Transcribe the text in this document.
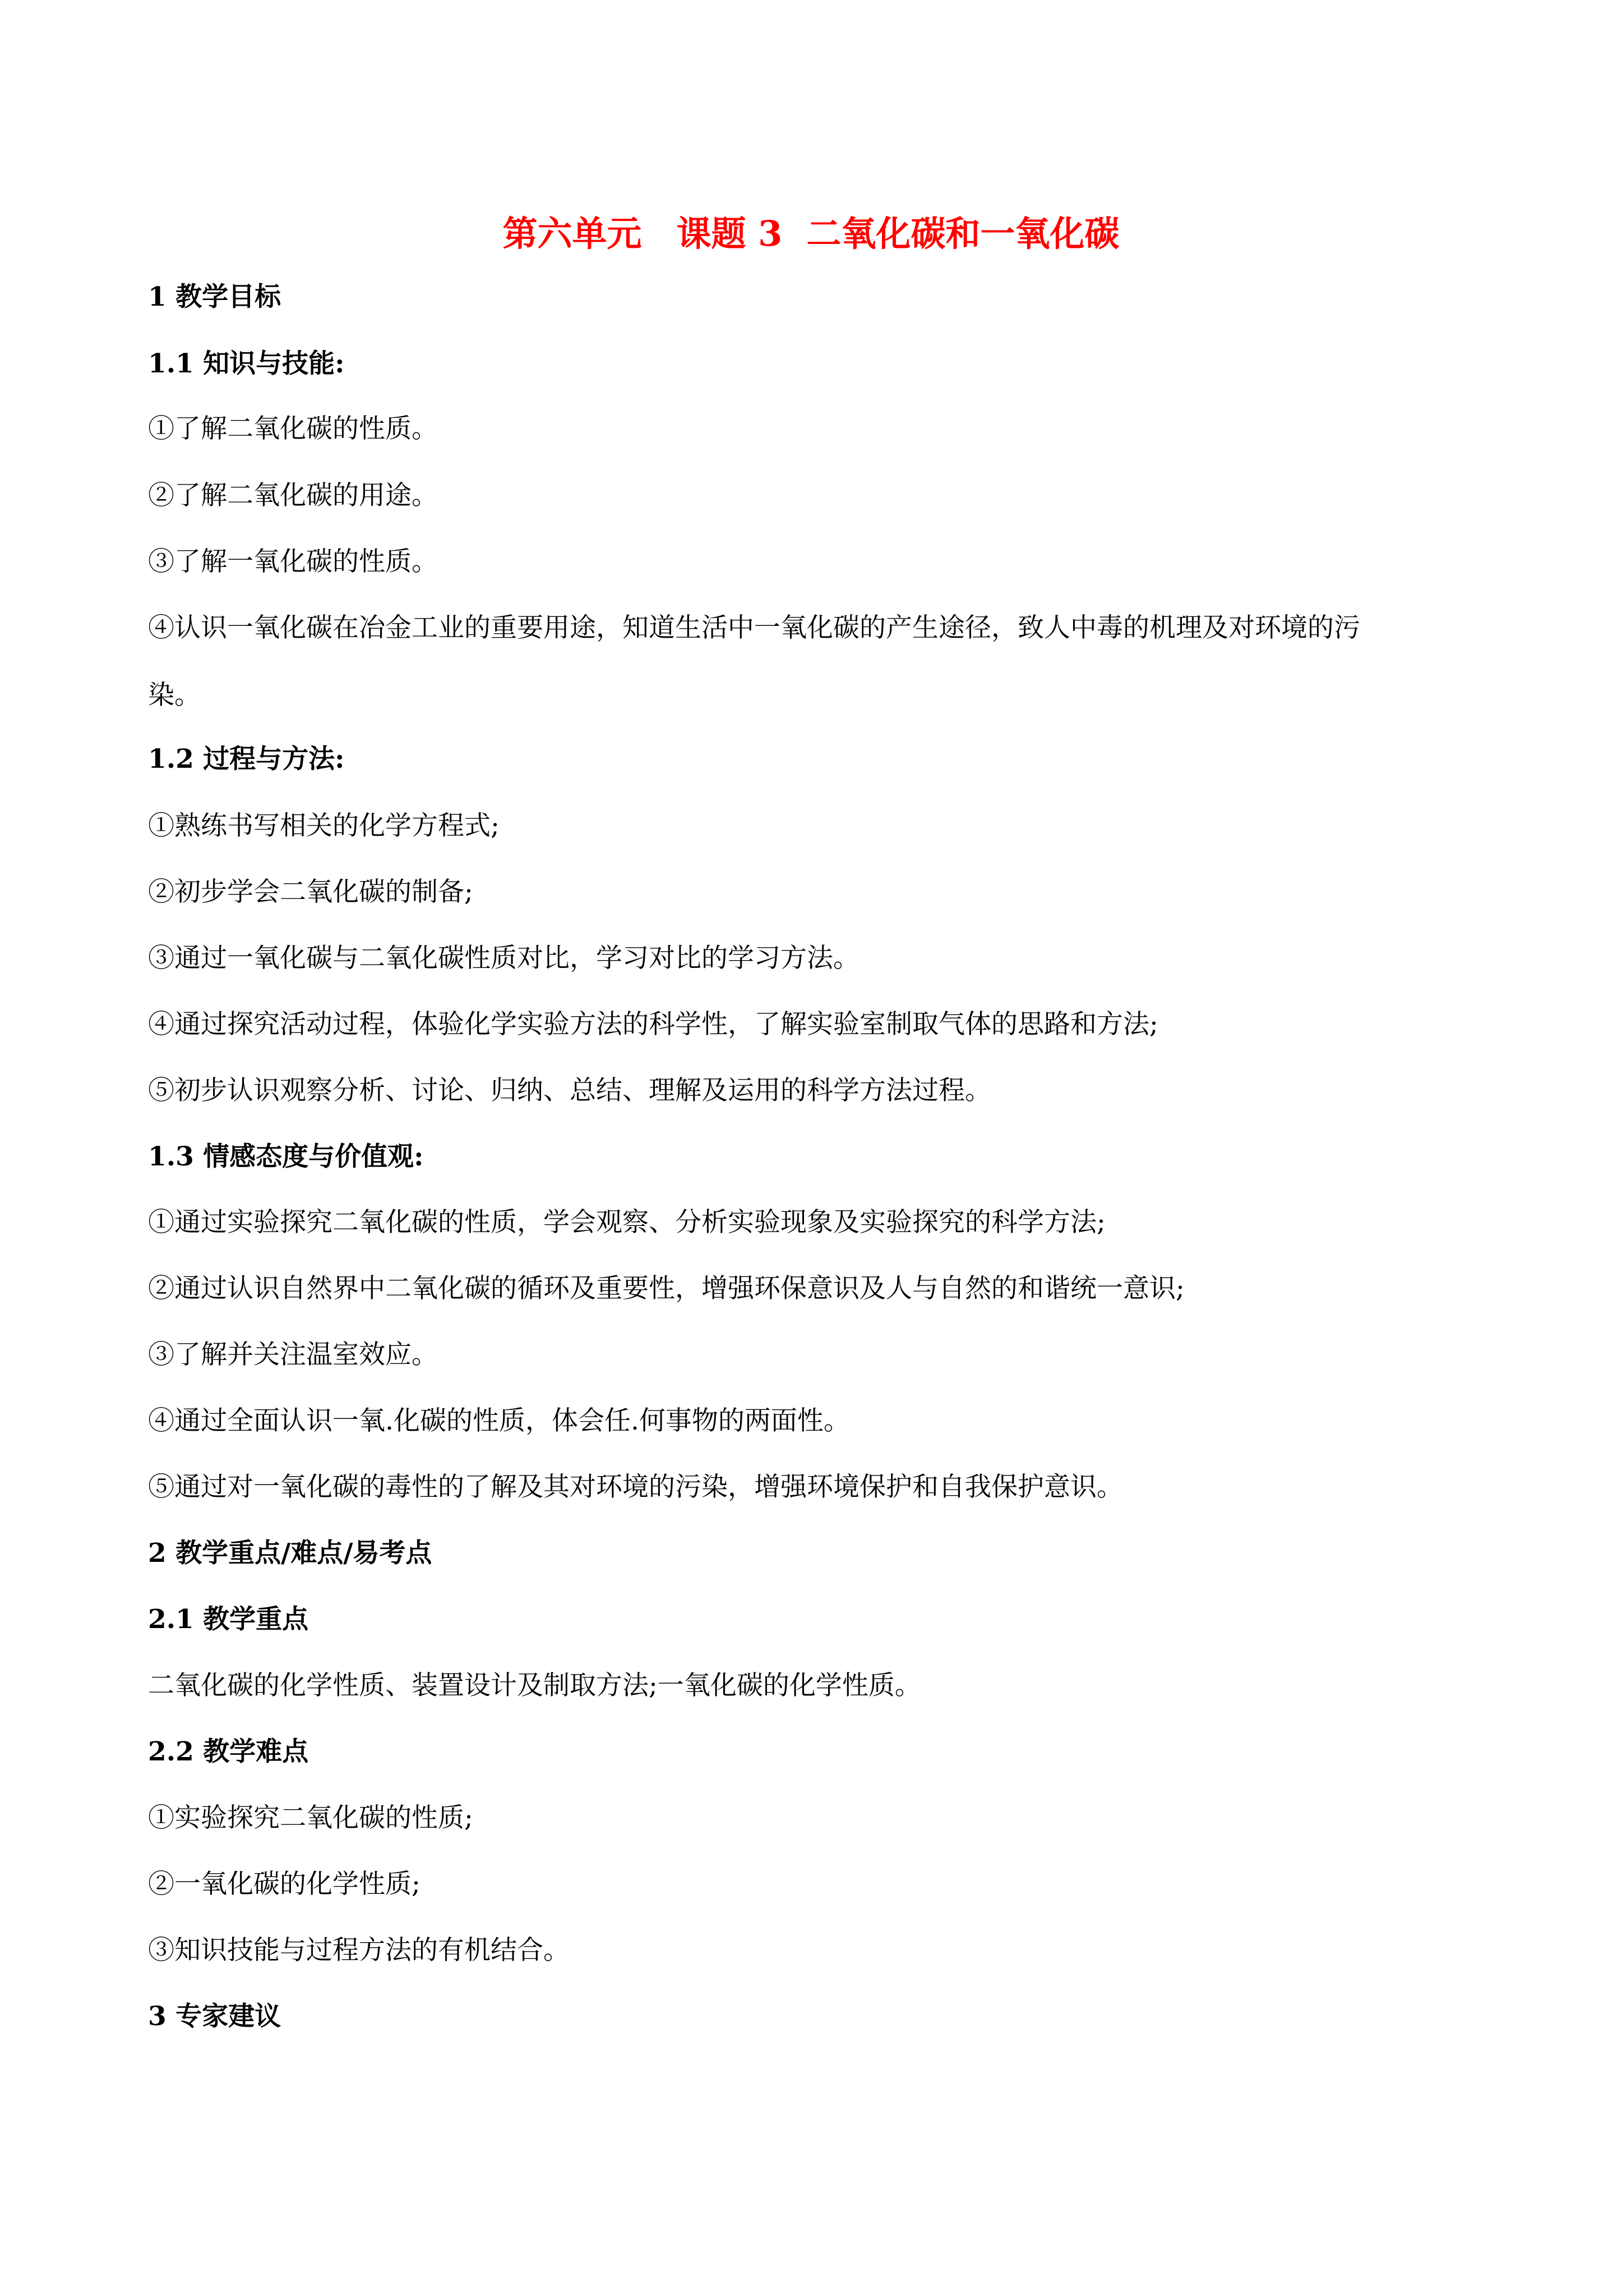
第六单元　课题 3  二氧化碳和一氧化碳
1 教学目标
1.1 知识与技能:
①了解二氧化碳的性质。
②了解二氧化碳的用途。
③了解一氧化碳的性质。
④认识一氧化碳在冶金工业的重要用途，知道生活中一氧化碳的产生途径，致人中毒的机理及对环境的污
染。
1.2 过程与方法:
①熟练书写相关的化学方程式;
②初步学会二氧化碳的制备;
③通过一氧化碳与二氧化碳性质对比，学习对比的学习方法。
④通过探究活动过程，体验化学实验方法的科学性，了解实验室制取气体的思路和方法;
⑤初步认识观察分析、讨论、归纳、总结、理解及运用的科学方法过程。
1.3 情感态度与价值观:
①通过实验探究二氧化碳的性质，学会观察、分析实验现象及实验探究的科学方法;
②通过认识自然界中二氧化碳的循环及重要性，增强环保意识及人与自然的和谐统一意识;
③了解并关注温室效应。
④通过全面认识一氧.化碳的性质，体会任.何事物的两面性。
⑤通过对一氧化碳的毒性的了解及其对环境的污染，增强环境保护和自我保护意识。
2 教学重点/难点/易考点
2.1 教学重点
二氧化碳的化学性质、装置设计及制取方法;一氧化碳的化学性质。
2.2 教学难点
①实验探究二氧化碳的性质;
②一氧化碳的化学性质;
③知识技能与过程方法的有机结合。
3 专家建议
